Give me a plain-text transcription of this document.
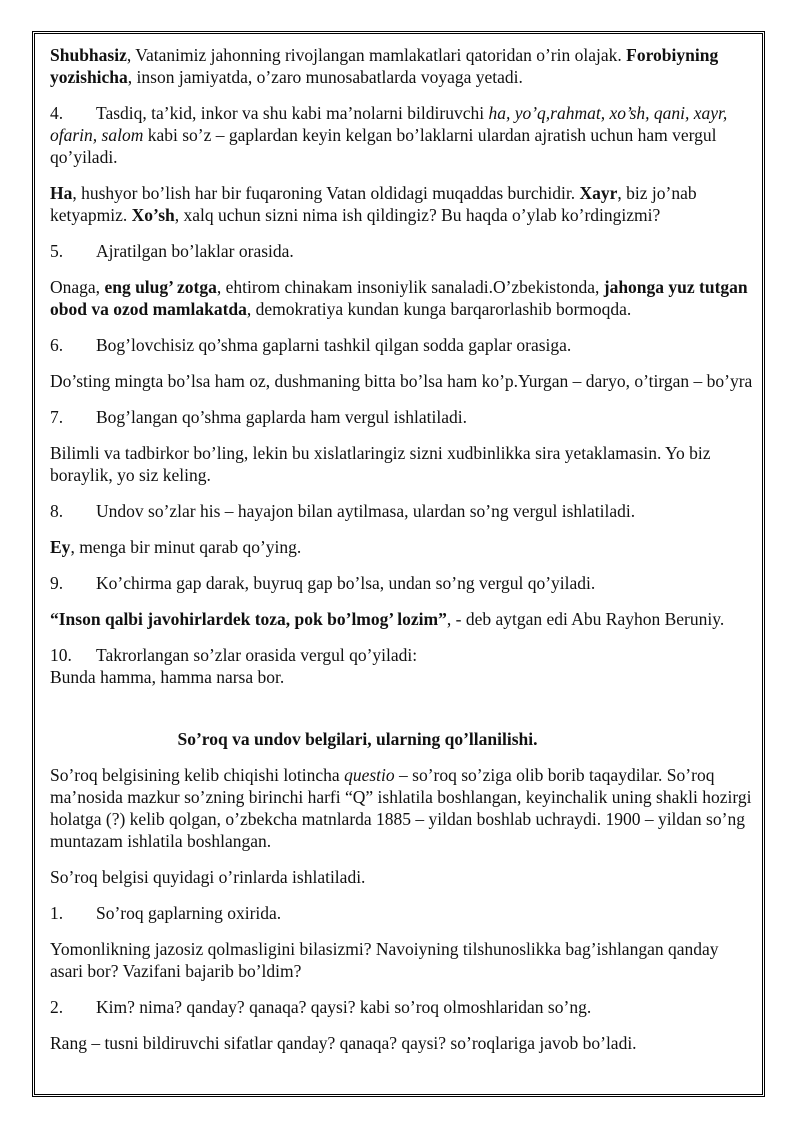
Shubhasiz, Vatanimiz jahonning rivojlangan mamlakatlari qatoridan o’rin olajak. Forobiyning yozishicha, inson jamiyatda, o’zaro munosabatlarda voyaga yetadi.

4. Tasdiq, ta’kid, inkor va shu kabi ma’nolarni bildiruvchi ha, yo’q,rahmat, xo’sh, qani, xayr, ofarin, salom kabi so’z – gaplardan keyin kelgan bo’laklarni ulardan ajratish uchun ham vergul qo’yiladi.

Ha, hushyor bo’lish har bir fuqaroning Vatan oldidagi muqaddas burchidir. Xayr, biz jo’nab ketyapmiz. Xo’sh, xalq uchun sizni nima ish qildingiz? Bu haqda o’ylab ko’rdingizmi?

5. Ajratilgan bo’laklar orasida.

Onaga, eng ulug’ zotga, ehtirom chinakam insoniylik sanaladi.O’zbekistonda, jahonga yuz tutgan obod va ozod mamlakatda, demokratiya kundan kunga barqarorlashib bormoqda.

6. Bog’lovchisiz qo’shma gaplarni tashkil qilgan sodda gaplar orasiga.

Do’sting mingta bo’lsa ham oz, dushmaning bitta bo’lsa ham ko’p.Yurgan – daryo, o’tirgan – bo’yra

7. Bog’langan qo’shma gaplarda ham vergul ishlatiladi.

Bilimli va tadbirkor bo’ling, lekin bu xislatlaringiz sizni xudbinlikka sira yetaklamasin. Yo biz boraylik, yo siz keling.

8. Undov so’zlar his – hayajon bilan aytilmasa, ulardan so’ng vergul ishlatiladi.

Ey, menga bir minut qarab qo’ying.

9. Ko’chirma gap darak, buyruq gap bo’lsa, undan so’ng vergul qo’yiladi.

“Inson qalbi javohirlardek toza, pok bo’lmog’ lozim”, - deb aytgan edi Abu Rayhon Beruniy.

10. Takrorlangan so’zlar orasida vergul qo’yiladi:

Bunda hamma, hamma narsa bor.

So’roq va undov belgilari, ularning qo’llanilishi.

So’roq belgisining kelib chiqishi lotincha questio – so’roq so’ziga olib borib taqaydilar. So’roq ma’nosida mazkur so’zning birinchi harfi “Q” ishlatila boshlangan, keyinchalik uning shakli hozirgi holatga (?) kelib qolgan, o’zbekcha matnlarda 1885 – yildan boshlab uchraydi. 1900 – yildan so’ng muntazam ishlatila boshlangan.

So’roq belgisi quyidagi o’rinlarda ishlatiladi.

1. So’roq gaplarning oxirida.

Yomonlikning jazosiz qolmasligini bilasizmi? Navoiyning tilshunoslikka bag’ishlangan qanday asari bor? Vazifani bajarib bo’ldim?

2. Kim? nima? qanday? qanaqa? qaysi? kabi so’roq olmoshlaridan so’ng.

Rang – tusni bildiruvchi sifatlar qanday? qanaqa? qaysi? so’roqlariga javob bo’ladi.
